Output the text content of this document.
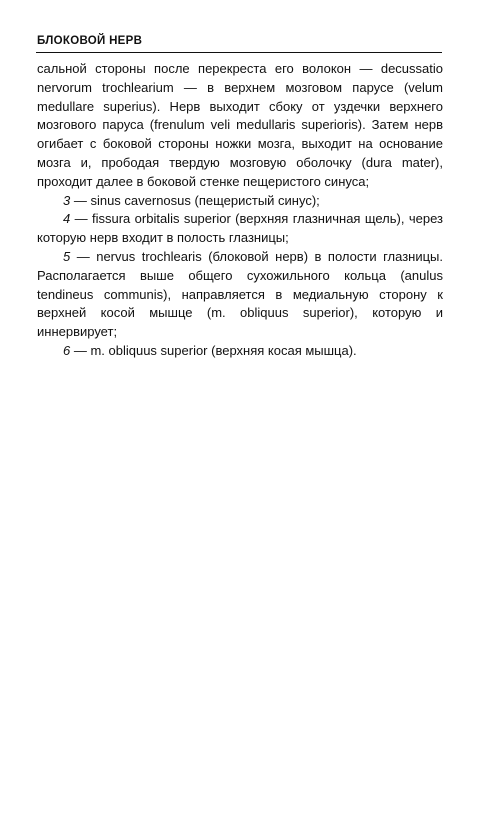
БЛОКОВОЙ НЕРВ

сальной стороны после перекреста его волокон — decussatio nervorum trochlearium — в верхнем мозговом парусе (velum medullare superius). Нерв выходит сбоку от уздечки верхнего мозгового паруса (frenulum veli medullaris superioris). Затем нерв огибает с боковой стороны ножки мозга, выходит на основание мозга и, прободая твердую мозговую оболочку (dura mater), проходит далее в боковой стенке пещеристого синуса;

3 — sinus cavernosus (пещеристый синус);

4 — fissura orbitalis superior (верхняя глазничная щель), через которую нерв входит в полость глазницы;

5 — nervus trochlearis (блоковой нерв) в полости глазницы. Располагается выше общего сухожильного кольца (anulus tendineus communis), направляется в медиальную сторону к верхней косой мышце (m. obliquus superior), которую и иннервирует;

6 — m. obliquus superior (верхняя косая мышца).
